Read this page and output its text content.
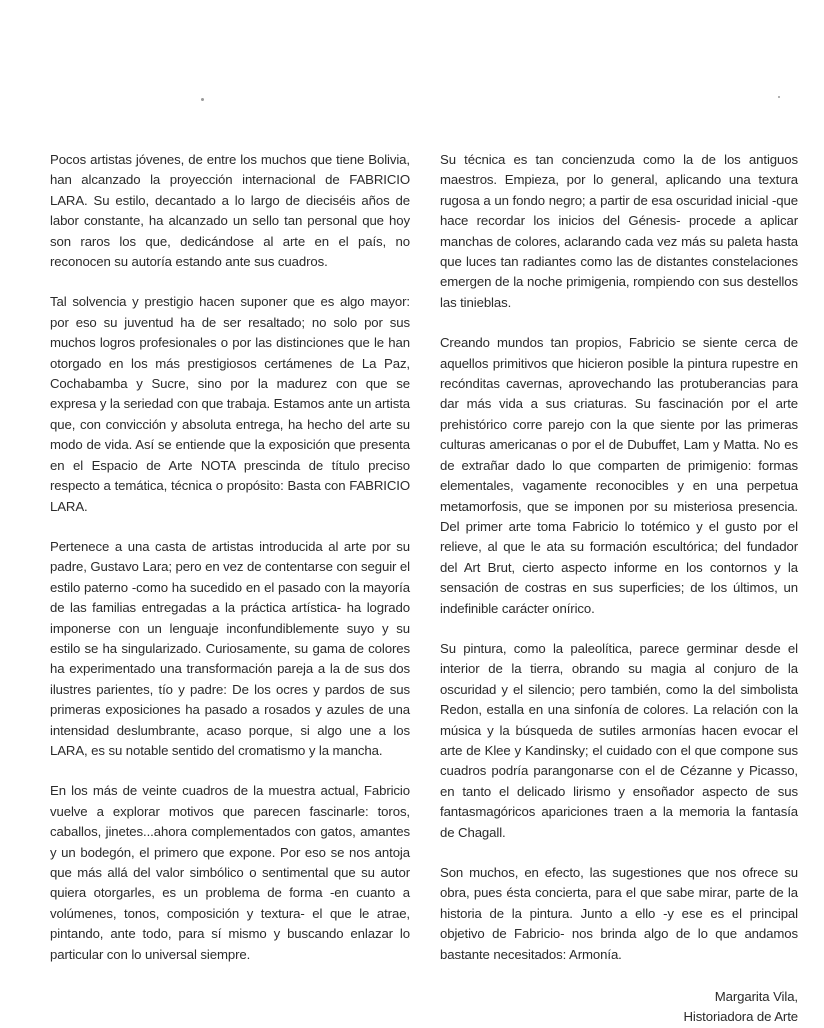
Pocos artistas jóvenes, de entre los muchos que tiene Bolivia, han alcanzado la proyección internacional de FABRICIO LARA. Su estilo, decantado a lo largo de dieciséis años de labor constante, ha alcanzado un sello tan personal que hoy son raros los que, dedicándose al arte en el país, no reconocen su autoría estando ante sus cuadros.

Tal solvencia y prestigio hacen suponer que es algo mayor: por eso su juventud ha de ser resaltado; no solo por sus muchos logros profesionales o por las distinciones que le han otorgado en los más prestigiosos certámenes de La Paz, Cochabamba y Sucre, sino por la madurez con que se expresa y la seriedad con que trabaja. Estamos ante un artista que, con convicción y absoluta entrega, ha hecho del arte su modo de vida. Así se entiende que la exposición que presenta en el Espacio de Arte NOTA prescinda de título preciso respecto a temática, técnica o propósito: Basta con FABRICIO LARA.

Pertenece a una casta de artistas introducida al arte por su padre, Gustavo Lara; pero en vez de contentarse con seguir el estilo paterno -como ha sucedido en el pasado con la mayoría de las familias entregadas a la práctica artística- ha logrado imponerse con un lenguaje inconfundiblemente suyo y su estilo se ha singularizado. Curiosamente, su gama de colores ha experimentado una transformación pareja a la de sus dos ilustres parientes, tío y padre: De los ocres y pardos de sus primeras exposiciones ha pasado a rosados y azules de una intensidad deslumbrante, acaso porque, si algo une a los LARA, es su notable sentido del cromatismo y la mancha.

En los más de veinte cuadros de la muestra actual, Fabricio vuelve a explorar motivos que parecen fascinarle: toros, caballos, jinetes...ahora complementados con gatos, amantes y un bodegón, el primero que expone. Por eso se nos antoja que más allá del valor simbólico o sentimental que su autor quiera otorgarles, es un problema de forma -en cuanto a volúmenes, tonos, composición y textura- el que le atrae, pintando, ante todo, para sí mismo y buscando enlazar lo particular con lo universal siempre.

Su técnica es tan concienzuda como la de los antiguos maestros. Empieza, por lo general, aplicando una textura rugosa a un fondo negro; a partir de esa oscuridad inicial -que hace recordar los inicios del Génesis- procede a aplicar manchas de colores, aclarando cada vez más su paleta hasta que luces tan radiantes como las de distantes constelaciones emergen de la noche primigenia, rompiendo con sus destellos las tinieblas.

Creando mundos tan propios, Fabricio se siente cerca de aquellos primitivos que hicieron posible la pintura rupestre en recónditas cavernas, aprovechando las protuberancias para dar más vida a sus criaturas. Su fascinación por el arte prehistórico corre parejo con la que siente por las primeras culturas americanas o por el de Dubuffet, Lam y Matta. No es de extrañar dado lo que comparten de primigenio: formas elementales, vagamente reconocibles y en una perpetua metamorfosis, que se imponen por su misteriosa presencia. Del primer arte toma Fabricio lo totémico y el gusto por el relieve, al que le ata su formación escultórica; del fundador del Art Brut, cierto aspecto informe en los contornos y la sensación de costras en sus superficies; de los últimos, un indefinible carácter onírico.

Su pintura, como la paleolítica, parece germinar desde el interior de la tierra, obrando su magia al conjuro de la oscuridad y el silencio; pero también, como la del simbolista Redon, estalla en una sinfonía de colores. La relación con la música y la búsqueda de sutiles armonías hacen evocar el arte de Klee y Kandinsky; el cuidado con el que compone sus cuadros podría parangonarse con el de Cézanne y Picasso, en tanto el delicado lirismo y ensoñador aspecto de sus fantasmagóricos apariciones traen a la memoria la fantasía de Chagall.

Son muchos, en efecto, las sugestiones que nos ofrece su obra, pues ésta concierta, para el que sabe mirar, parte de la historia de la pintura. Junto a ello -y ese es el principal objetivo de Fabricio- nos brinda algo de lo que andamos bastante necesitados: Armonía.

Margarita Vila,
Historiadora de Arte
